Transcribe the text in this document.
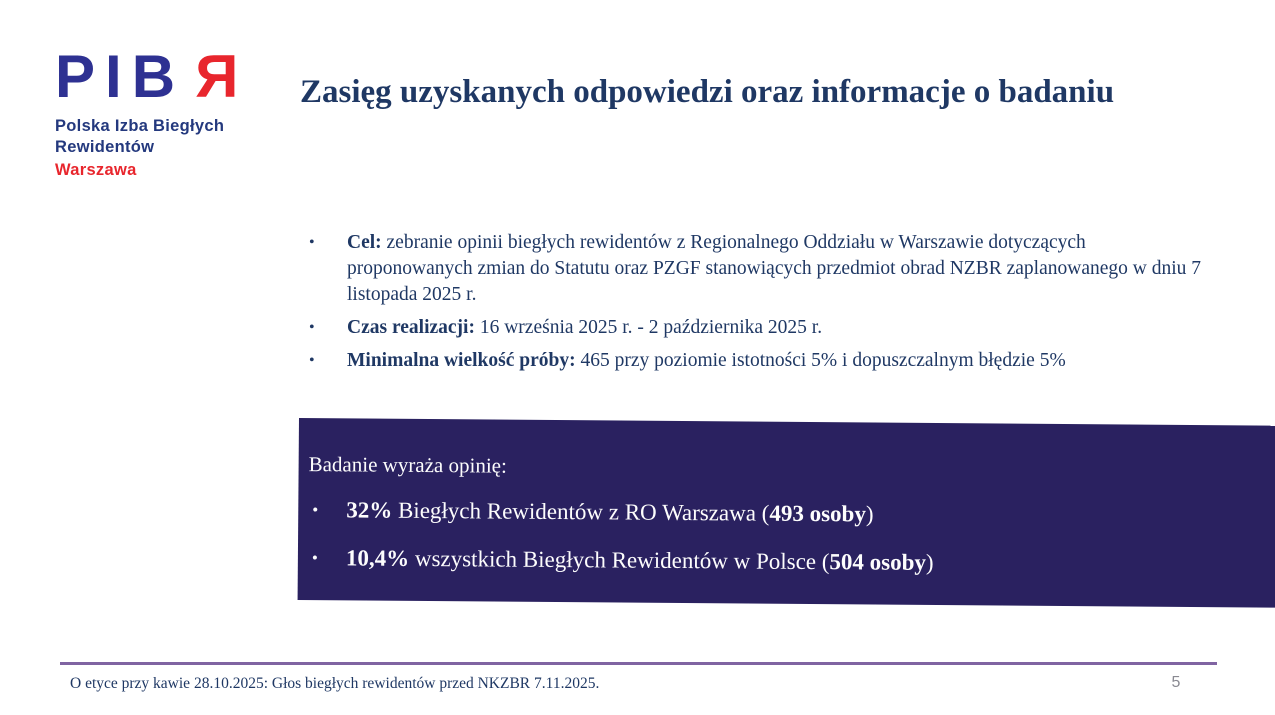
PIBR
Polska Izba Biegłych
Rewidentów
Warszawa
Zasięg uzyskanych odpowiedzi oraz informacje o badaniu
•	Cel: zebranie opinii biegłych rewidentów z Regionalnego Oddziału w Warszawie dotyczących proponowanych zmian do Statutu oraz PZGF stanowiących przedmiot obrad NZBR zaplanowanego w dniu 7 listopada 2025 r.
•	Czas realizacji: 16 września 2025 r. - 2 października 2025 r.
•	Minimalna wielkość próby: 465 przy poziomie istotności 5% i dopuszczalnym błędzie 5%
Badanie wyraża opinię:
•	32% Biegłych Rewidentów z RO Warszawa (493 osoby)
•	10,4% wszystkich Biegłych Rewidentów w Polsce (504 osoby)
O etyce przy kawie 28.10.2025: Głos biegłych rewidentów przed NKZBR 7.11.2025.	5
